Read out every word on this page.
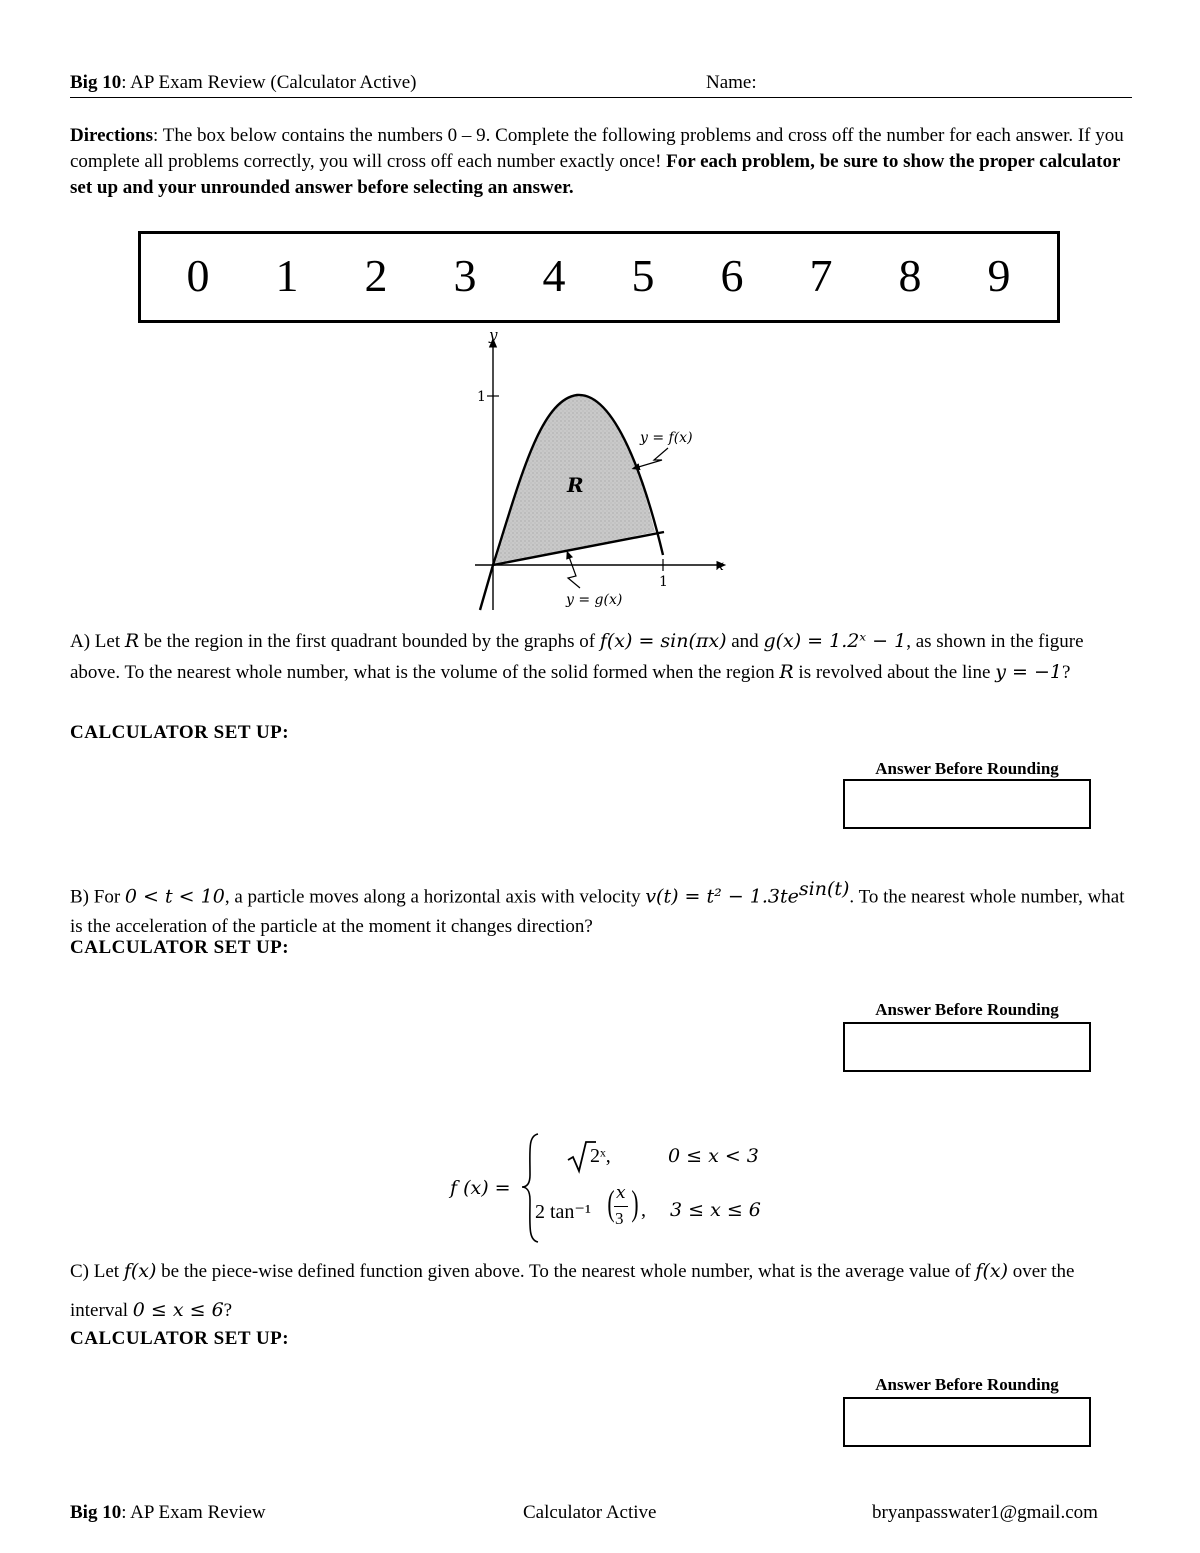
Big 10: AP Exam Review (Calculator Active)	Name:
Directions: The box below contains the numbers 0 – 9. Complete the following problems and cross off the number for each answer. If you complete all problems correctly, you will cross off each number exactly once! For each problem, be sure to show the proper calculator set up and your unrounded answer before selecting an answer.
0	1	2	3	4	5	6	7	8	9
y
x
1
1
R
y = f(x)
y = g(x)
A) Let R be the region in the first quadrant bounded by the graphs of f(x) = sin(πx) and g(x) = 1.2ˣ − 1, as shown in the figure above. To the nearest whole number, what is the volume of the solid formed when the region R is revolved about the line y = −1?
CALCULATOR SET UP:
Answer Before Rounding
B) For 0 < t < 10, a particle moves along a horizontal axis with velocity $v(t) = t^2 - 1.3te^{sin(t)}$. To the nearest whole number, what is the acceleration of the particle at the moment it changes direction?
CALCULATOR SET UP:
Answer Before Rounding
f (x) =
2ˣ,	0 ≤ x < 3
2 tan⁻¹ ( x
3 ) , 3 ≤ x ≤ 6
C) Let f(x) be the piece-wise defined function given above. To the nearest whole number, what is the average value of f(x) over the interval 0 ≤ x ≤ 6?
CALCULATOR SET UP:
Answer Before Rounding
Big 10: AP Exam Review	Calculator Active	bryanpasswater1@gmail.com
